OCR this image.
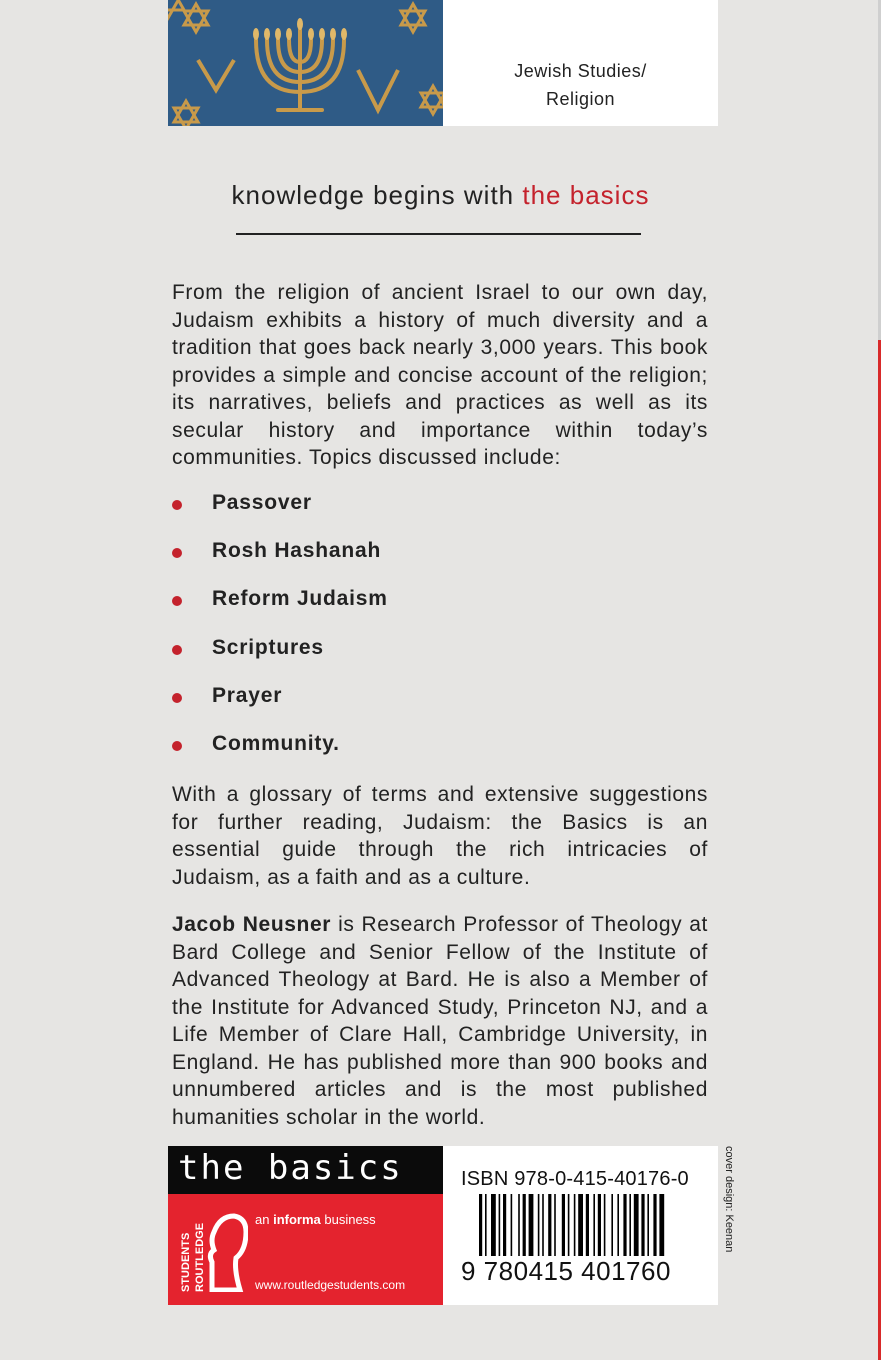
Jewish Studies/
Religion
knowledge begins with the basics
From the religion of ancient Israel to our own day, Judaism exhibits a history of much diversity and a tradition that goes back nearly 3,000 years. This book provides a simple and concise account of the religion; its narratives, beliefs and practices as well as its secular history and importance within today’s communities. Topics discussed include:
Passover
Rosh Hashanah
Reform Judaism
Scriptures
Prayer
Community.
With a glossary of terms and extensive suggestions for further reading, Judaism: the Basics is an essential guide through the rich intricacies of Judaism, as a faith and as a culture.
Jacob Neusner is Research Professor of Theology at Bard College and Senior Fellow of the Institute of Advanced Theology at Bard. He is also a Member of the Institute for Advanced Study, Princeton NJ, and a Life Member of Clare Hall, Cambridge University, in England. He has published more than 900 books and unnumbered articles and is the most published humanities scholar in the world.
the basics
STUDENTS ROUTLEDGE
an informa business
www.routledgestudents.com
ISBN 978-0-415-40176-0
9 780415 401760
cover design: Keenan
